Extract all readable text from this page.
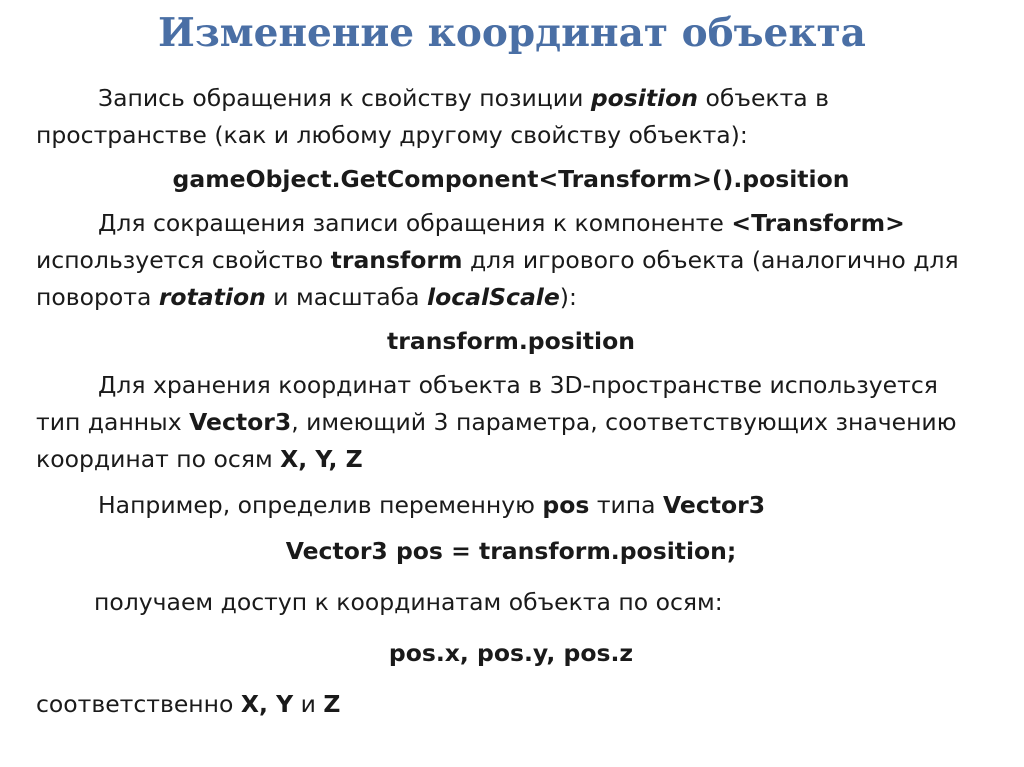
Изменение координат объекта

Запись обращения к свойству позиции position объекта в пространстве (как и любому другому свойству объекта):

gameObject.GetComponent<Transform>().position

Для сокращения записи обращения к компоненте <Transform> используется свойство transform для игрового объекта (аналогично для поворота rotation и масштаба localScale):

transform.position

Для хранения координат объекта в 3D-пространстве используется тип данных Vector3, имеющий 3 параметра, соответствующих значению координат по осям X, Y, Z

Например, определив переменную pos типа Vector3

Vector3 pos = transform.position;

получаем доступ к координатам объекта по осям:

pos.x, pos.y, pos.z

соответственно X, Y и Z
